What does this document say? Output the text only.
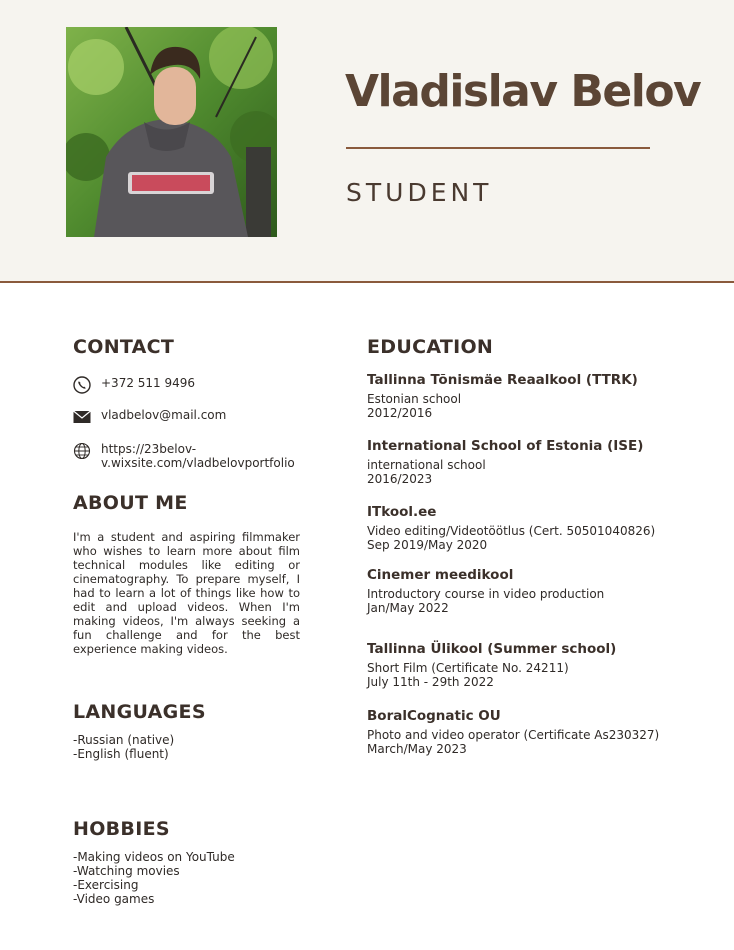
Vladislav Belov
STUDENT
CONTACT
+372 511 9496
vladbelov@mail.com
https://23belov-
v.wixsite.com/vladbelovportfolio
ABOUT ME

I'm a student and aspiring filmmaker who wishes to learn more about film technical modules like editing or cinematography. To prepare myself, I had to learn a lot of things like how to edit and upload videos. When I'm making videos, I'm always seeking a fun challenge and for the best experience making videos.

LANGUAGES
-Russian (native)
-English (fluent)
HOBBIES
-Making videos on YouTube
-Watching movies
-Exercising
-Video games
EDUCATION

Tallinna Tõnismäe Reaalkool (TTRK)

Estonian school

2012/2016

International School of Estonia (ISE)

international school

2016/2023

ITkool.ee

Video editing/Videotöötlus (Cert. 50501040826)

Sep 2019/May 2020

Cinemer meedikool

Introductory course in video production

Jan/May 2022

Tallinna Ülikool (Summer school)

Short Film (Certificate No. 24211)

July 11th - 29th 2022

BoralCognatic OU

Photo and video operator (Certificate As230327)

March/May 2023
